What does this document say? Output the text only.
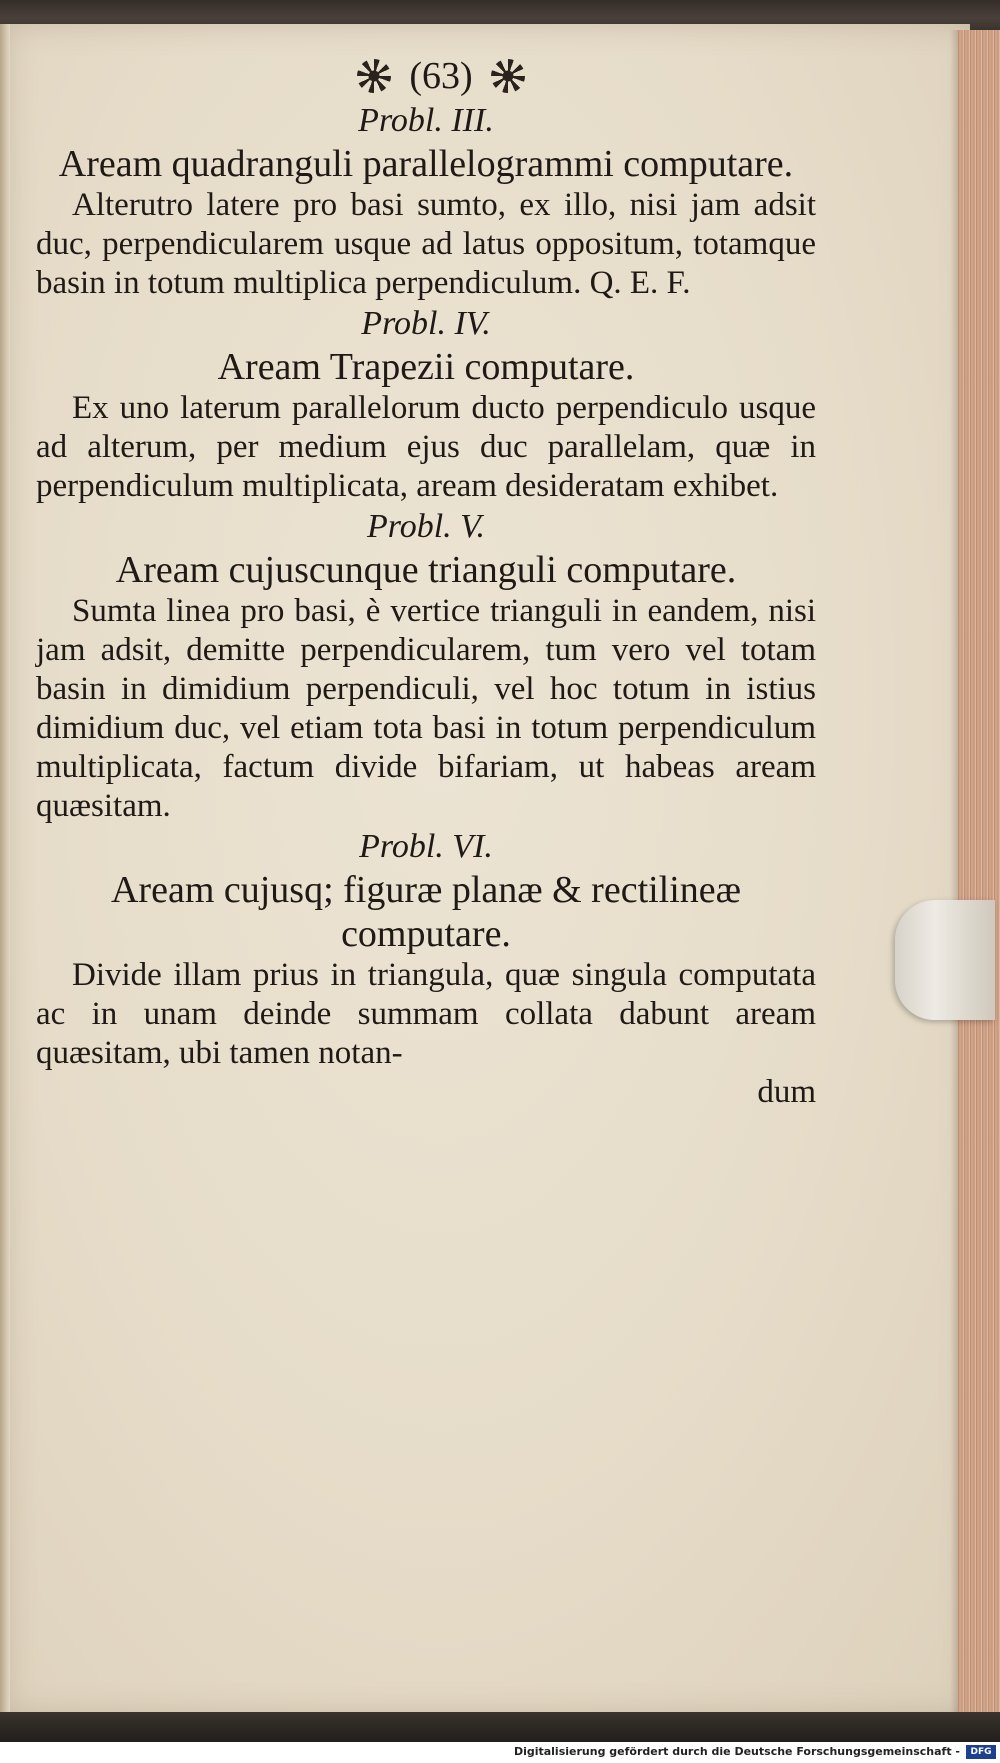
(63)
Probl. III.
Aream quadranguli parallelogrammi computare.

Alterutro latere pro basi sumto, ex illo, nisi jam adsit duc, perpendicularem usque ad latus oppositum, totamque basin in totum multiplica perpendiculum. Q. E. F.

Probl. IV.
Aream Trapezii computare.

Ex uno laterum parallelorum ducto perpendiculo usque ad alterum, per medium ejus duc parallelam, quæ in perpendiculum multiplicata, aream desideratam exhibet.

Probl. V.
Aream cujuscunque trianguli computare.

Sumta linea pro basi, è vertice trianguli in eandem, nisi jam adsit, demitte perpendicularem, tum vero vel totam basin in dimidium perpendiculi, vel hoc totum in istius dimidium duc, vel etiam tota basi in totum perpendiculum multiplicata, factum divide bifariam, ut habeas aream quæsitam.

Probl. VI.
Aream cujusq; figuræ planæ & rectilineæ computare.

Divide illam prius in triangula, quæ singula computata ac in unam deinde summam collata dabunt aream quæsitam, ubi tamen notan-

dum
Digitalisierung gefördert durch die Deutsche Forschungsgemeinschaft -	DFG
